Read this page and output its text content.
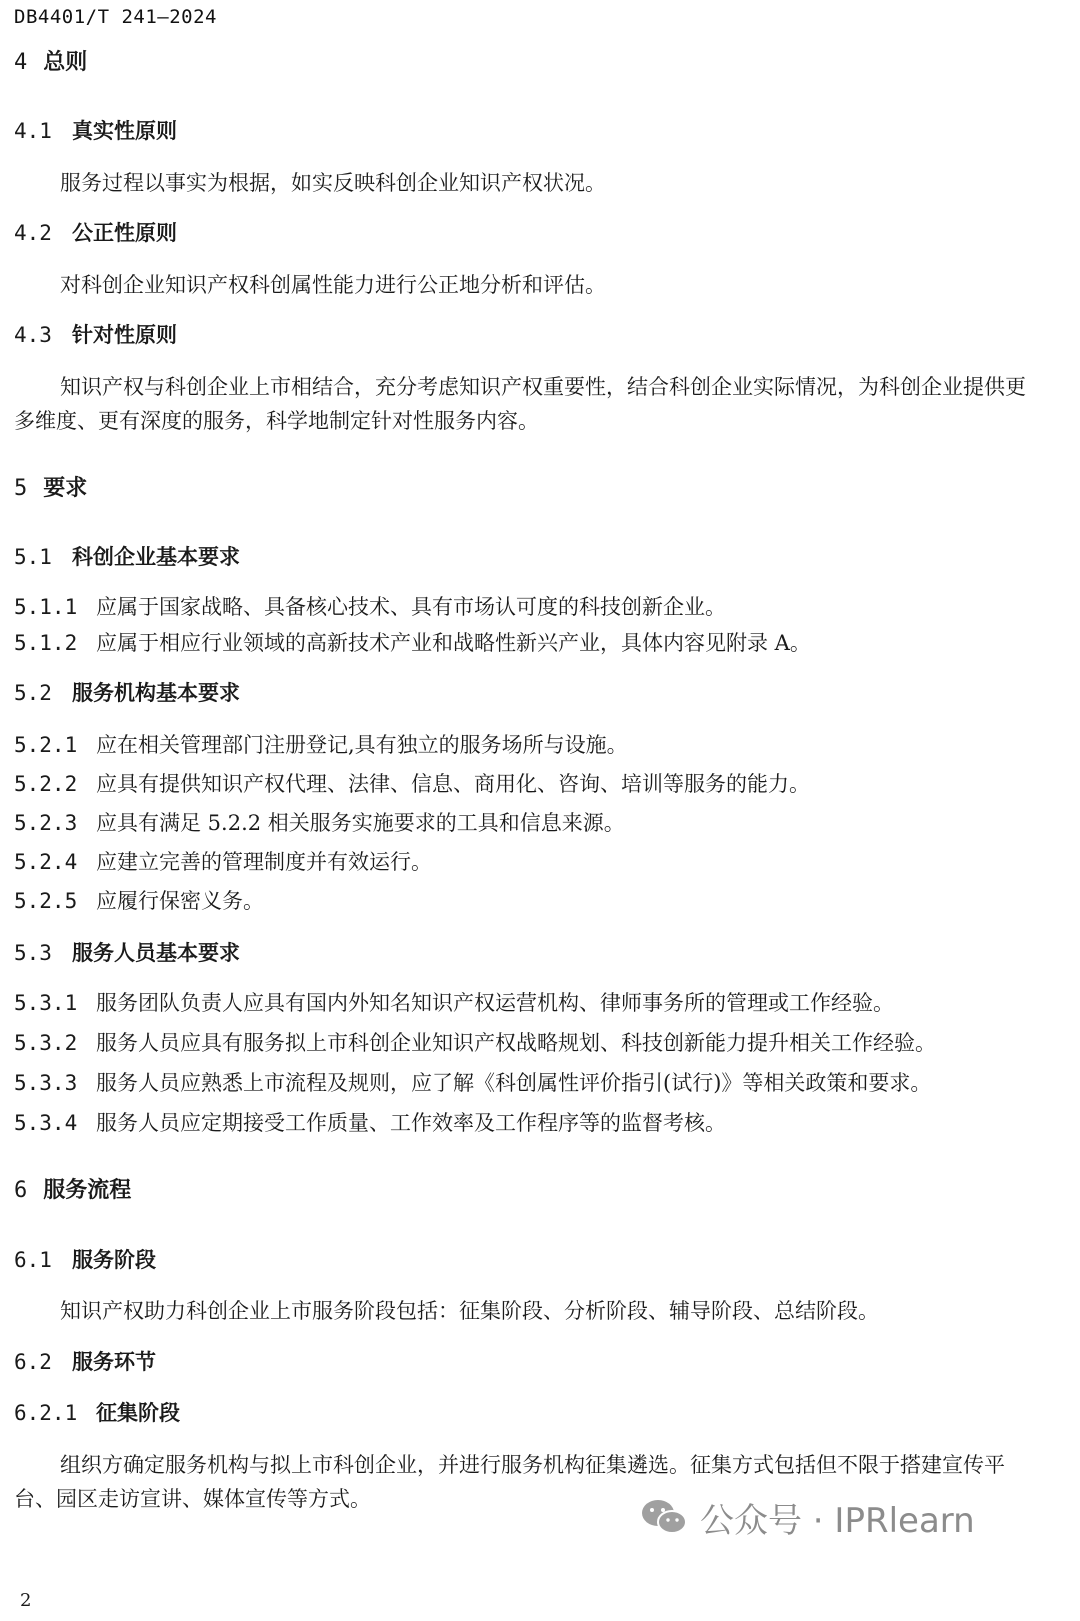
DB4401/T 241—2024
4 总则
4.1 真实性原则
服务过程以事实为根据，如实反映科创企业知识产权状况。
4.2 公正性原则
对科创企业知识产权科创属性能力进行公正地分析和评估。
4.3 针对性原则
知识产权与科创企业上市相结合，充分考虑知识产权重要性，结合科创企业实际情况，为科创企业提供更多维度、更有深度的服务，科学地制定针对性服务内容。
5 要求
5.1 科创企业基本要求
5.1.1 应属于国家战略、具备核心技术、具有市场认可度的科技创新企业。
5.1.2 应属于相应行业领域的高新技术产业和战略性新兴产业，具体内容见附录 A。
5.2 服务机构基本要求
5.2.1 应在相关管理部门注册登记,具有独立的服务场所与设施。
5.2.2 应具有提供知识产权代理、法律、信息、商用化、咨询、培训等服务的能力。
5.2.3 应具有满足 5.2.2 相关服务实施要求的工具和信息来源。
5.2.4 应建立完善的管理制度并有效运行。
5.2.5 应履行保密义务。
5.3 服务人员基本要求
5.3.1 服务团队负责人应具有国内外知名知识产权运营机构、律师事务所的管理或工作经验。
5.3.2 服务人员应具有服务拟上市科创企业知识产权战略规划、科技创新能力提升相关工作经验。
5.3.3 服务人员应熟悉上市流程及规则，应了解《科创属性评价指引(试行)》等相关政策和要求。
5.3.4 服务人员应定期接受工作质量、工作效率及工作程序等的监督考核。
6 服务流程
6.1 服务阶段
知识产权助力科创企业上市服务阶段包括：征集阶段、分析阶段、辅导阶段、总结阶段。
6.2 服务环节
6.2.1 征集阶段
组织方确定服务机构与拟上市科创企业，并进行服务机构征集遴选。征集方式包括但不限于搭建宣传平台、园区走访宣讲、媒体宣传等方式。
公众号 · IPRlearn
2
